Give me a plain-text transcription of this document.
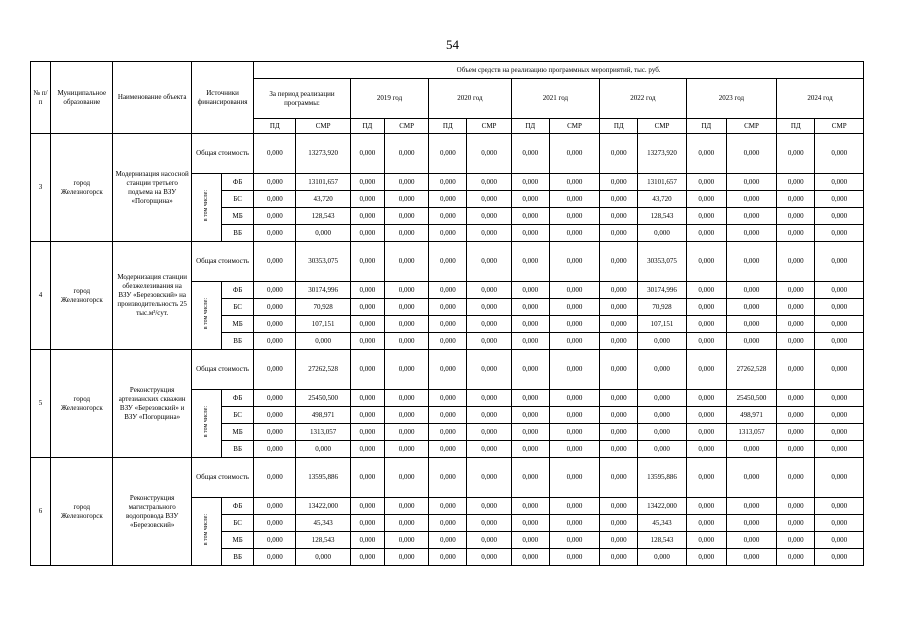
54
№ п/п	Муниципальное образование	Наименование объекта	Источники финансирования		Объем средств на реализацию программных мероприятий, тыс. руб.													
					За период реализации программы:		2019 год		2020 год		2021 год		2022 год		2023 год		2024 год	
					ПД	СМР	ПД	СМР	ПД	СМР	ПД	СМР	ПД	СМР	ПД	СМР	ПД	СМР
3	город Железногорск	Модернизация насосной станции третьего подъема на ВЗУ «Погорщина»	Общая стоимость		0,000	13273,920	0,000	0,000	0,000	0,000	0,000	0,000	0,000	13273,920	0,000	0,000	0,000	0,000
			в том числе:	ФБ	0,000	13101,657	0,000	0,000	0,000	0,000	0,000	0,000	0,000	13101,657	0,000	0,000	0,000	0,000
				БС	0,000	43,720	0,000	0,000	0,000	0,000	0,000	0,000	0,000	43,720	0,000	0,000	0,000	0,000
				МБ	0,000	128,543	0,000	0,000	0,000	0,000	0,000	0,000	0,000	128,543	0,000	0,000	0,000	0,000
				ВБ	0,000	0,000	0,000	0,000	0,000	0,000	0,000	0,000	0,000	0,000	0,000	0,000	0,000	0,000
4	город Железногорск	Модернизация станции обезжелезивания на ВЗУ «Березовский» на производительность 25 тыс.м³/сут.	Общая стоимость		0,000	30353,075	0,000	0,000	0,000	0,000	0,000	0,000	0,000	30353,075	0,000	0,000	0,000	0,000
			в том числе:	ФБ	0,000	30174,996	0,000	0,000	0,000	0,000	0,000	0,000	0,000	30174,996	0,000	0,000	0,000	0,000
				БС	0,000	70,928	0,000	0,000	0,000	0,000	0,000	0,000	0,000	70,928	0,000	0,000	0,000	0,000
				МБ	0,000	107,151	0,000	0,000	0,000	0,000	0,000	0,000	0,000	107,151	0,000	0,000	0,000	0,000
				ВБ	0,000	0,000	0,000	0,000	0,000	0,000	0,000	0,000	0,000	0,000	0,000	0,000	0,000	0,000
5	город Железногорск	Реконструкция артезианских скважин ВЗУ «Березовский» и ВЗУ «Погорщина»	Общая стоимость		0,000	27262,528	0,000	0,000	0,000	0,000	0,000	0,000	0,000	0,000	0,000	27262,528	0,000	0,000
			в том числе:	ФБ	0,000	25450,500	0,000	0,000	0,000	0,000	0,000	0,000	0,000	0,000	0,000	25450,500	0,000	0,000
				БС	0,000	498,971	0,000	0,000	0,000	0,000	0,000	0,000	0,000	0,000	0,000	498,971	0,000	0,000
				МБ	0,000	1313,057	0,000	0,000	0,000	0,000	0,000	0,000	0,000	0,000	0,000	1313,057	0,000	0,000
				ВБ	0,000	0,000	0,000	0,000	0,000	0,000	0,000	0,000	0,000	0,000	0,000	0,000	0,000	0,000
6	город Железногорск	Реконструкция магистрального водопровода ВЗУ «Березовский»	Общая стоимость		0,000	13595,886	0,000	0,000	0,000	0,000	0,000	0,000	0,000	13595,886	0,000	0,000	0,000	0,000
			в том числе:	ФБ	0,000	13422,000	0,000	0,000	0,000	0,000	0,000	0,000	0,000	13422,000	0,000	0,000	0,000	0,000
				БС	0,000	45,343	0,000	0,000	0,000	0,000	0,000	0,000	0,000	45,343	0,000	0,000	0,000	0,000
				МБ	0,000	128,543	0,000	0,000	0,000	0,000	0,000	0,000	0,000	128,543	0,000	0,000	0,000	0,000
				ВБ	0,000	0,000	0,000	0,000	0,000	0,000	0,000	0,000	0,000	0,000	0,000	0,000	0,000	0,000
